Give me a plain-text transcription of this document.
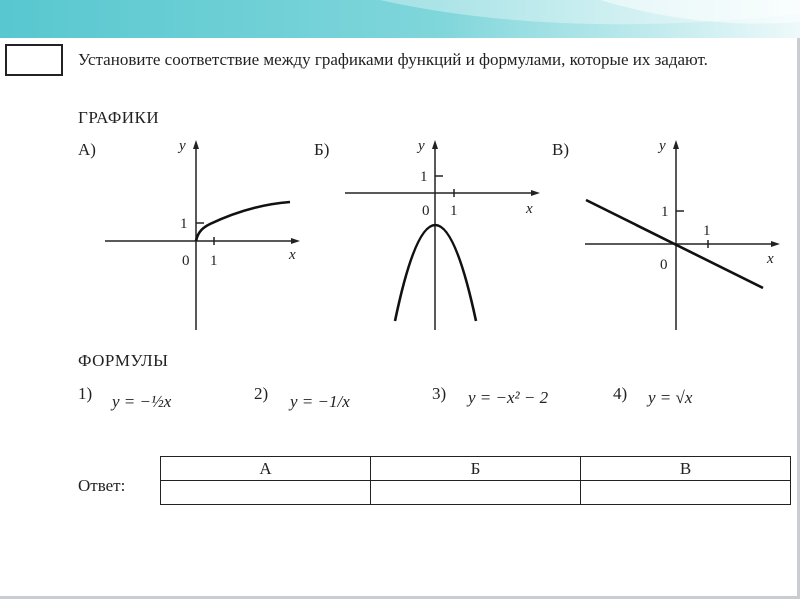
Установите соответствие между графиками функций и формулами, которые их задают.
ГРАФИКИ
А)	y
x
0 1
1
Б)	y
x
0 1
1
В)	y
x
0
1
1
ФОРМУЛЫ
1) y = −½x	2) y = −1/x	3) y = −x² − 2	4) y = √x
Ответ:
А	Б	В
